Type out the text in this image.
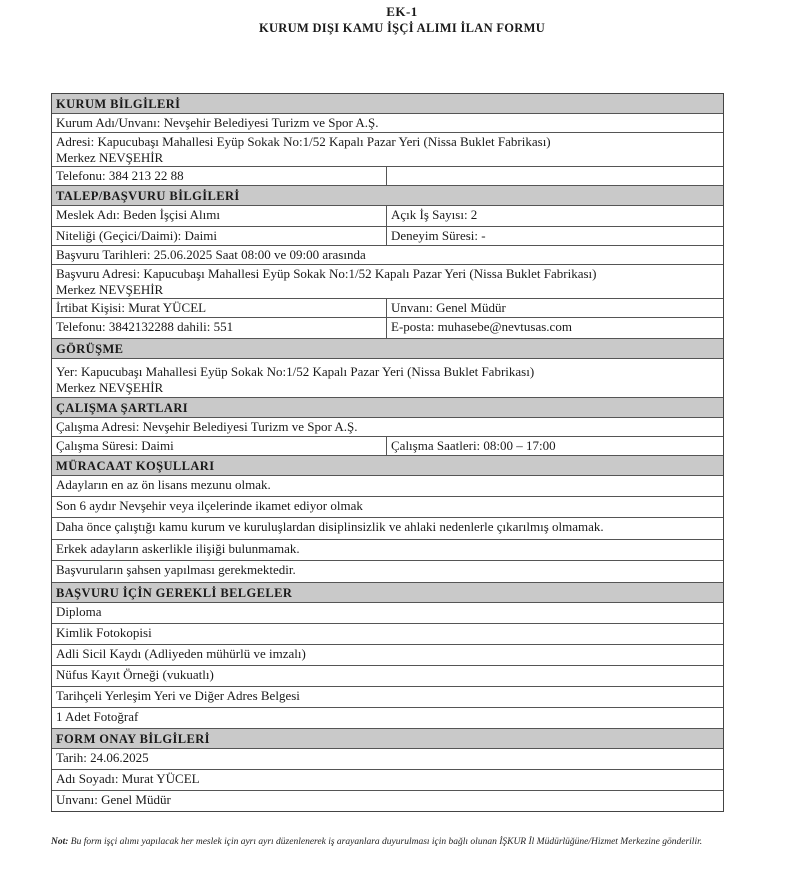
EK-1
KURUM DIŞI KAMU İŞÇİ ALIMI İLAN FORMU
KURUM BİLGİLERİ
Kurum Adı/Unvanı: Nevşehir Belediyesi Turizm ve Spor A.Ş.
Adresi: Kapucubaşı Mahallesi Eyüp Sokak No:1/52 Kapalı Pazar Yeri (Nissa Buklet Fabrikası)
Merkez NEVŞEHİR
Telefonu: 384 213 22 88
TALEP/BAŞVURU BİLGİLERİ
Meslek Adı: Beden İşçisi Alımı	Açık İş Sayısı: 2
Niteliği (Geçici/Daimi): Daimi	Deneyim Süresi: -
Başvuru Tarihleri: 25.06.2025 Saat 08:00 ve 09:00 arasında
Başvuru Adresi: Kapucubaşı Mahallesi Eyüp Sokak No:1/52 Kapalı Pazar Yeri (Nissa Buklet Fabrikası)
Merkez NEVŞEHİR
İrtibat Kişisi: Murat YÜCEL	Unvanı: Genel Müdür
Telefonu: 3842132288 dahili: 551	E-posta: muhasebe@nevtusas.com
GÖRÜŞME
Yer: Kapucubaşı Mahallesi Eyüp Sokak No:1/52 Kapalı Pazar Yeri (Nissa Buklet Fabrikası)
Merkez NEVŞEHİR
ÇALIŞMA ŞARTLARI
Çalışma Adresi: Nevşehir Belediyesi Turizm ve Spor A.Ş.
Çalışma Süresi: Daimi	Çalışma Saatleri: 08:00 – 17:00
MÜRACAAT KOŞULLARI
Adayların en az ön lisans mezunu olmak.
Son 6 aydır Nevşehir veya ilçelerinde ikamet ediyor olmak
Daha önce çalıştığı kamu kurum ve kuruluşlardan disiplinsizlik ve ahlaki nedenlerle çıkarılmış olmamak.
Erkek adayların askerlikle ilişiği bulunmamak.
Başvuruların şahsen yapılması gerekmektedir.
BAŞVURU İÇİN GEREKLİ BELGELER
Diploma
Kimlik Fotokopisi
Adli Sicil Kaydı (Adliyeden mühürlü ve imzalı)
Nüfus Kayıt Örneği (vukuatlı)
Tarihçeli Yerleşim Yeri ve Diğer Adres Belgesi
1 Adet Fotoğraf
FORM ONAY BİLGİLERİ
Tarih: 24.06.2025
Adı Soyadı: Murat YÜCEL
Unvanı: Genel Müdür
Not: Bu form işçi alımı yapılacak her meslek için ayrı ayrı düzenlenerek iş arayanlara duyurulması için bağlı olunan İŞKUR İl Müdürlüğüne/Hizmet Merkezine gönderilir.
